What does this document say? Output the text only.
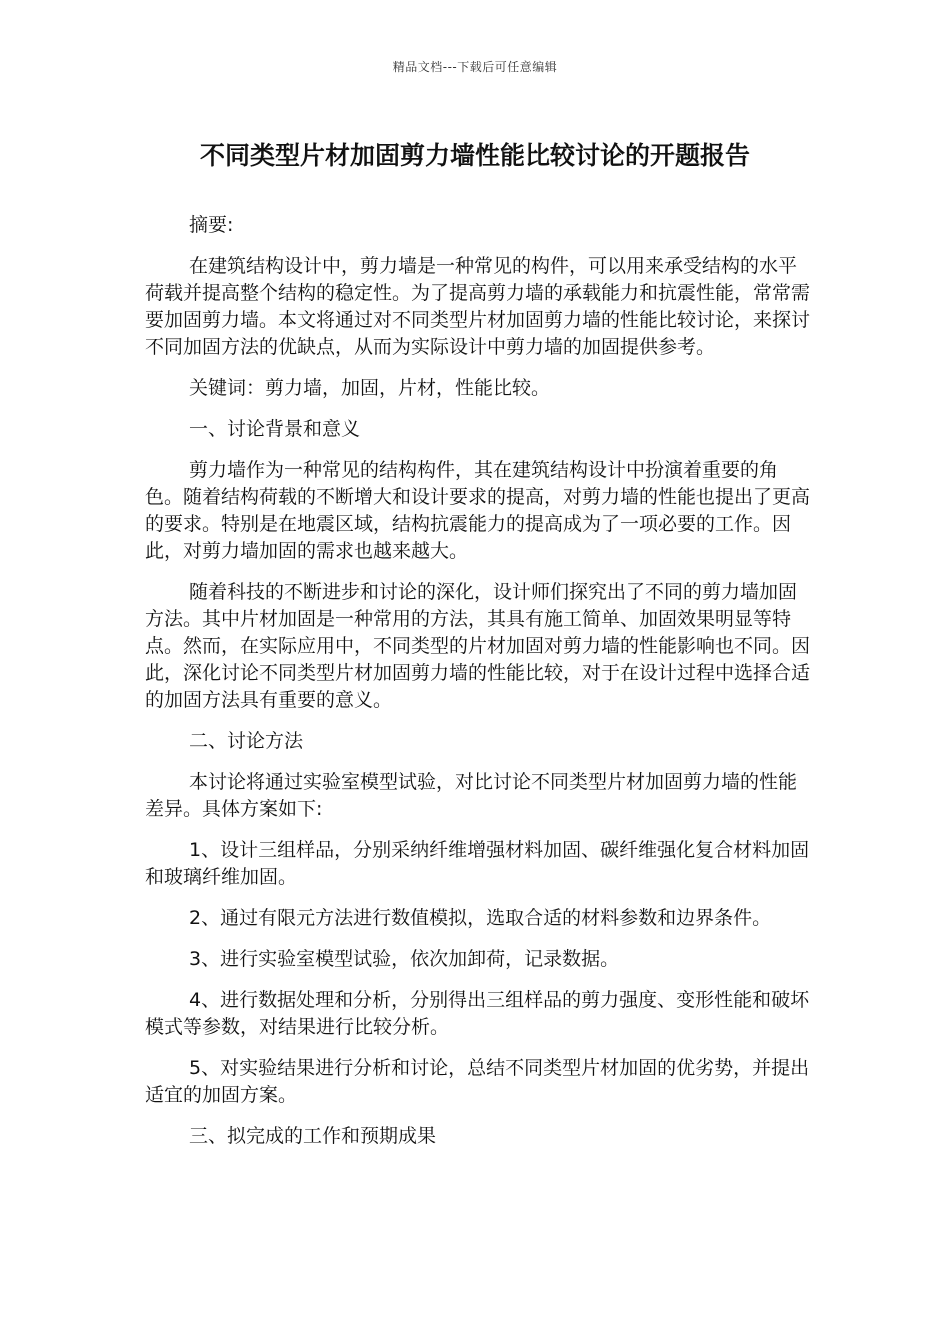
精品文档---下载后可任意编辑
不同类型片材加固剪力墙性能比较讨论的开题报告

摘要:

在建筑结构设计中，剪力墙是一种常见的构件，可以用来承受结构的水平荷载并提高整个结构的稳定性。为了提高剪力墙的承载能力和抗震性能，常常需要加固剪力墙。本文将通过对不同类型片材加固剪力墙的性能比较讨论，来探讨不同加固方法的优缺点，从而为实际设计中剪力墙的加固提供参考。

关键词：剪力墙，加固，片材，性能比较。

一、讨论背景和意义

剪力墙作为一种常见的结构构件，其在建筑结构设计中扮演着重要的角色。随着结构荷载的不断增大和设计要求的提高，对剪力墙的性能也提出了更高的要求。特别是在地震区域，结构抗震能力的提高成为了一项必要的工作。因此，对剪力墙加固的需求也越来越大。

随着科技的不断进步和讨论的深化，设计师们探究出了不同的剪力墙加固方法。其中片材加固是一种常用的方法，其具有施工简单、加固效果明显等特点。然而，在实际应用中，不同类型的片材加固对剪力墙的性能影响也不同。因此，深化讨论不同类型片材加固剪力墙的性能比较，对于在设计过程中选择合适的加固方法具有重要的意义。

二、讨论方法

本讨论将通过实验室模型试验，对比讨论不同类型片材加固剪力墙的性能差异。具体方案如下:

1、设计三组样品，分别采纳纤维增强材料加固、碳纤维强化复合材料加固和玻璃纤维加固。

2、通过有限元方法进行数值模拟，选取合适的材料参数和边界条件。

3、进行实验室模型试验，依次加卸荷，记录数据。

4、进行数据处理和分析，分别得出三组样品的剪力强度、变形性能和破坏模式等参数，对结果进行比较分析。

5、对实验结果进行分析和讨论，总结不同类型片材加固的优劣势，并提出适宜的加固方案。

三、拟完成的工作和预期成果
